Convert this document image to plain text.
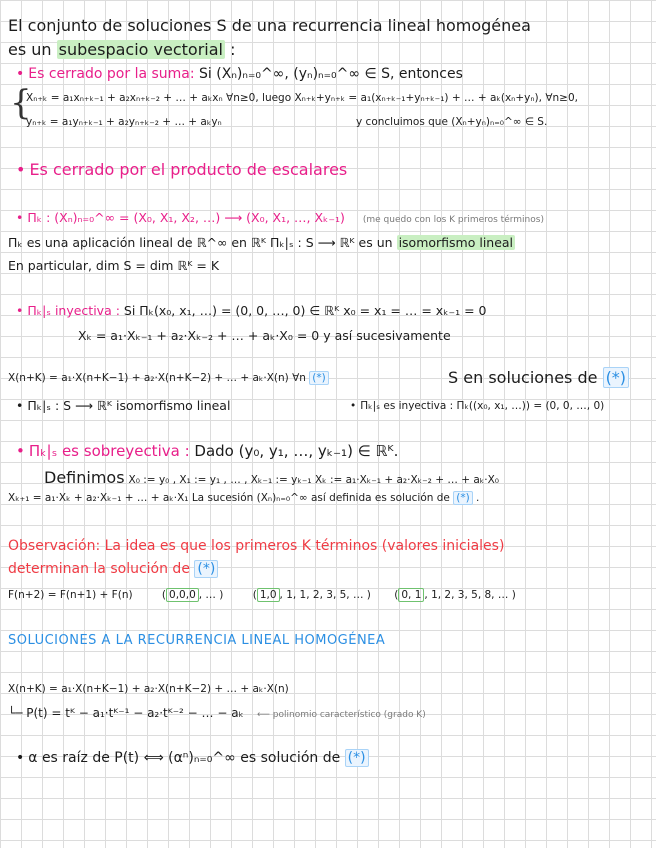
El conjunto de soluciones S de una recurrencia lineal homogénea
es un subespacio vectorial :
• Es cerrado por la suma: Si (Xₙ)ₙ₌₀^∞, (yₙ)ₙ₌₀^∞ ∈ S, entonces
{
Xₙ₊ₖ = a₁xₙ₊ₖ₋₁ + a₂xₙ₊ₖ₋₂ + … + aₖxₙ ∀n≥0, luego Xₙ₊ₖ+yₙ₊ₖ = a₁(xₙ₊ₖ₋₁+yₙ₊ₖ₋₁) + … + aₖ(xₙ+yₙ), ∀n≥0,
yₙ₊ₖ = a₁yₙ₊ₖ₋₁ + a₂yₙ₊ₖ₋₂ + … + aₖyₙ	y concluimos que (Xₙ+yₙ)ₙ₌₀^∞ ∈ S.
• Es cerrado por el producto de escalares
• Πₖ : (Xₙ)ₙ₌₀^∞ = (X₀, X₁, X₂, …) ⟶ (X₀, X₁, …, Xₖ₋₁) (me quedo con los K primeros términos)
Πₖ es una aplicación lineal de ℝ^∞ en ℝᴷ Πₖ|ₛ : S ⟶ ℝᴷ es un isomorfismo lineal
En particular, dim S = dim ℝᴷ = K
• Πₖ|ₛ inyectiva : Si Πₖ(x₀, x₁, …) = (0, 0, …, 0) ∈ ℝᴷ x₀ = x₁ = … = xₖ₋₁ = 0
Xₖ = a₁·Xₖ₋₁ + a₂·Xₖ₋₂ + … + aₖ·X₀ = 0 y así sucesivamente
X(n+K) = a₁·X(n+K−1) + a₂·X(n+K−2) + … + aₖ·X(n) ∀n (*)	S en soluciones de (*)
• Πₖ|ₛ : S ⟶ ℝᴷ isomorfismo lineal
•	Πₖ|ₛ es inyectiva : Πₖ((x₀, x₁, …)) = (0, 0, …, 0)
• Πₖ|ₛ es sobreyectiva : Dado (y₀, y₁, …, yₖ₋₁) ∈ ℝᴷ.
Definimos X₀ := y₀ , X₁ := y₁ , … , Xₖ₋₁ := yₖ₋₁ Xₖ := a₁·Xₖ₋₁ + a₂·Xₖ₋₂ + … + aₖ·X₀
Xₖ₊₁ = a₁·Xₖ + a₂·Xₖ₋₁ + … + aₖ·X₁ La sucesión (Xₙ)ₙ₌₀^∞ así definida es solución de (*) .
Observación: La idea es que los primeros K términos (valores iniciales)
determinan la solución de (*)
F(n+2) = F(n+1) + F(n)	( 0,0,0 , … )	( 1,0 , 1, 1, 2, 3, 5, … ) ( 0, 1 , 1, 2, 3, 5, 8, … )
SOLUCIONES A LA RECURRENCIA LINEAL HOMOGÉNEA
X(n+K) = a₁·X(n+K−1) + a₂·X(n+K−2) + … + aₖ·X(n)
└─ P(t) = tᴷ − a₁·tᴷ⁻¹ − a₂·tᴷ⁻² − … − aₖ ⟵ polinomio característico (grado K)
• α es raíz de P(t) ⟺ (αⁿ)ₙ₌₀^∞ es solución de (*)
